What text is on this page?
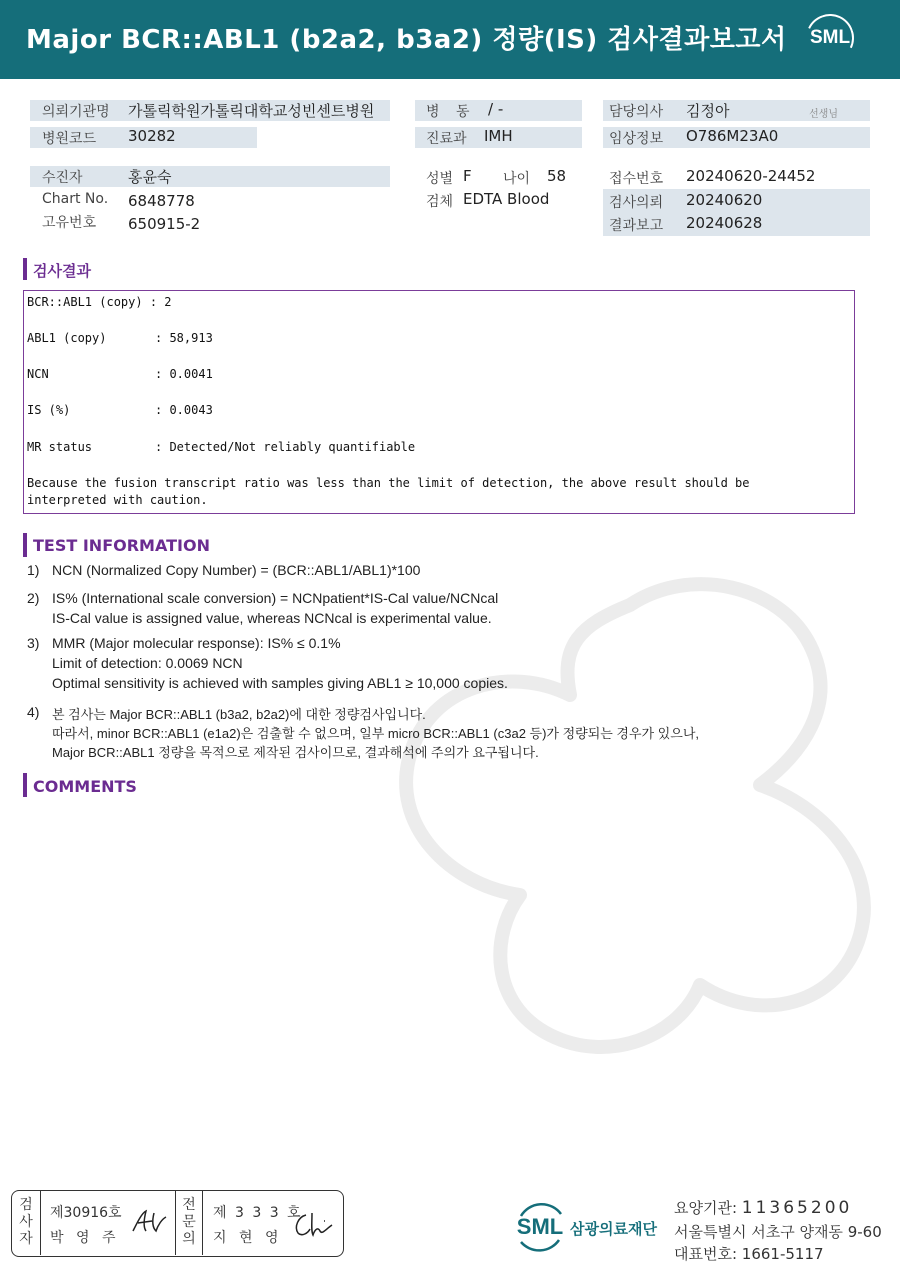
Major BCR::ABL1 (b2a2, b3a2) 정량(IS) 검사결과보고서	SML
의뢰기관명 가톨릭학원가톨릭대학교성빈센트병원
병원코드 30282
수진자	홍윤숙
Chart No. 6848778
고유번호 650915-2
병 동 / -
진료과 IMH
성별 F 나이 58
검체 EDTA Blood
담당의사 김정아	선생님
임상정보 O786M23A0
접수번호 20240620-24452
검사의뢰 20240620
결과보고 20240628
검사결과
BCR::ABL1 (copy) : 2
ABL1 (copy)	: 58,913
NCN	: 0.0041
IS (%)	: 0.0043
MR status	: Detected/Not reliably quantifiable
Because the fusion transcript ratio was less than the limit of detection, the above result should be
interpreted with caution.
TEST INFORMATION
1) NCN (Normalized Copy Number) = (BCR::ABL1/ABL1)*100
2) IS% (International scale conversion) = NCNpatient*IS-Cal value/NCNcal
IS-Cal value is assigned value, whereas NCNcal is experimental value.
3) MMR (Major molecular response): IS% ≤ 0.1%
Limit of detection: 0.0069 NCN
Optimal sensitivity is achieved with samples giving ABL1 ≥ 10,000 copies.
4) 본 검사는 Major BCR::ABL1 (b3a2, b2a2)에 대한 정량검사입니다.
따라서, minor BCR::ABL1 (e1a2)은 검출할 수 없으며, 일부 micro BCR::ABL1 (c3a2 등)가 정량되는 경우가 있으나,
Major BCR::ABL1 정량을 목적으로 제작된 검사이므로, 결과해석에 주의가 요구됩니다.
COMMENTS
검
사
자
제30916호
박 영 주
전
문
의
제 3 3 3 호
지 현 영	SML 삼광의료재단
요양기관: 11365200
서울특별시 서초구 양재동 9-60
대표번호: 1661-5117
